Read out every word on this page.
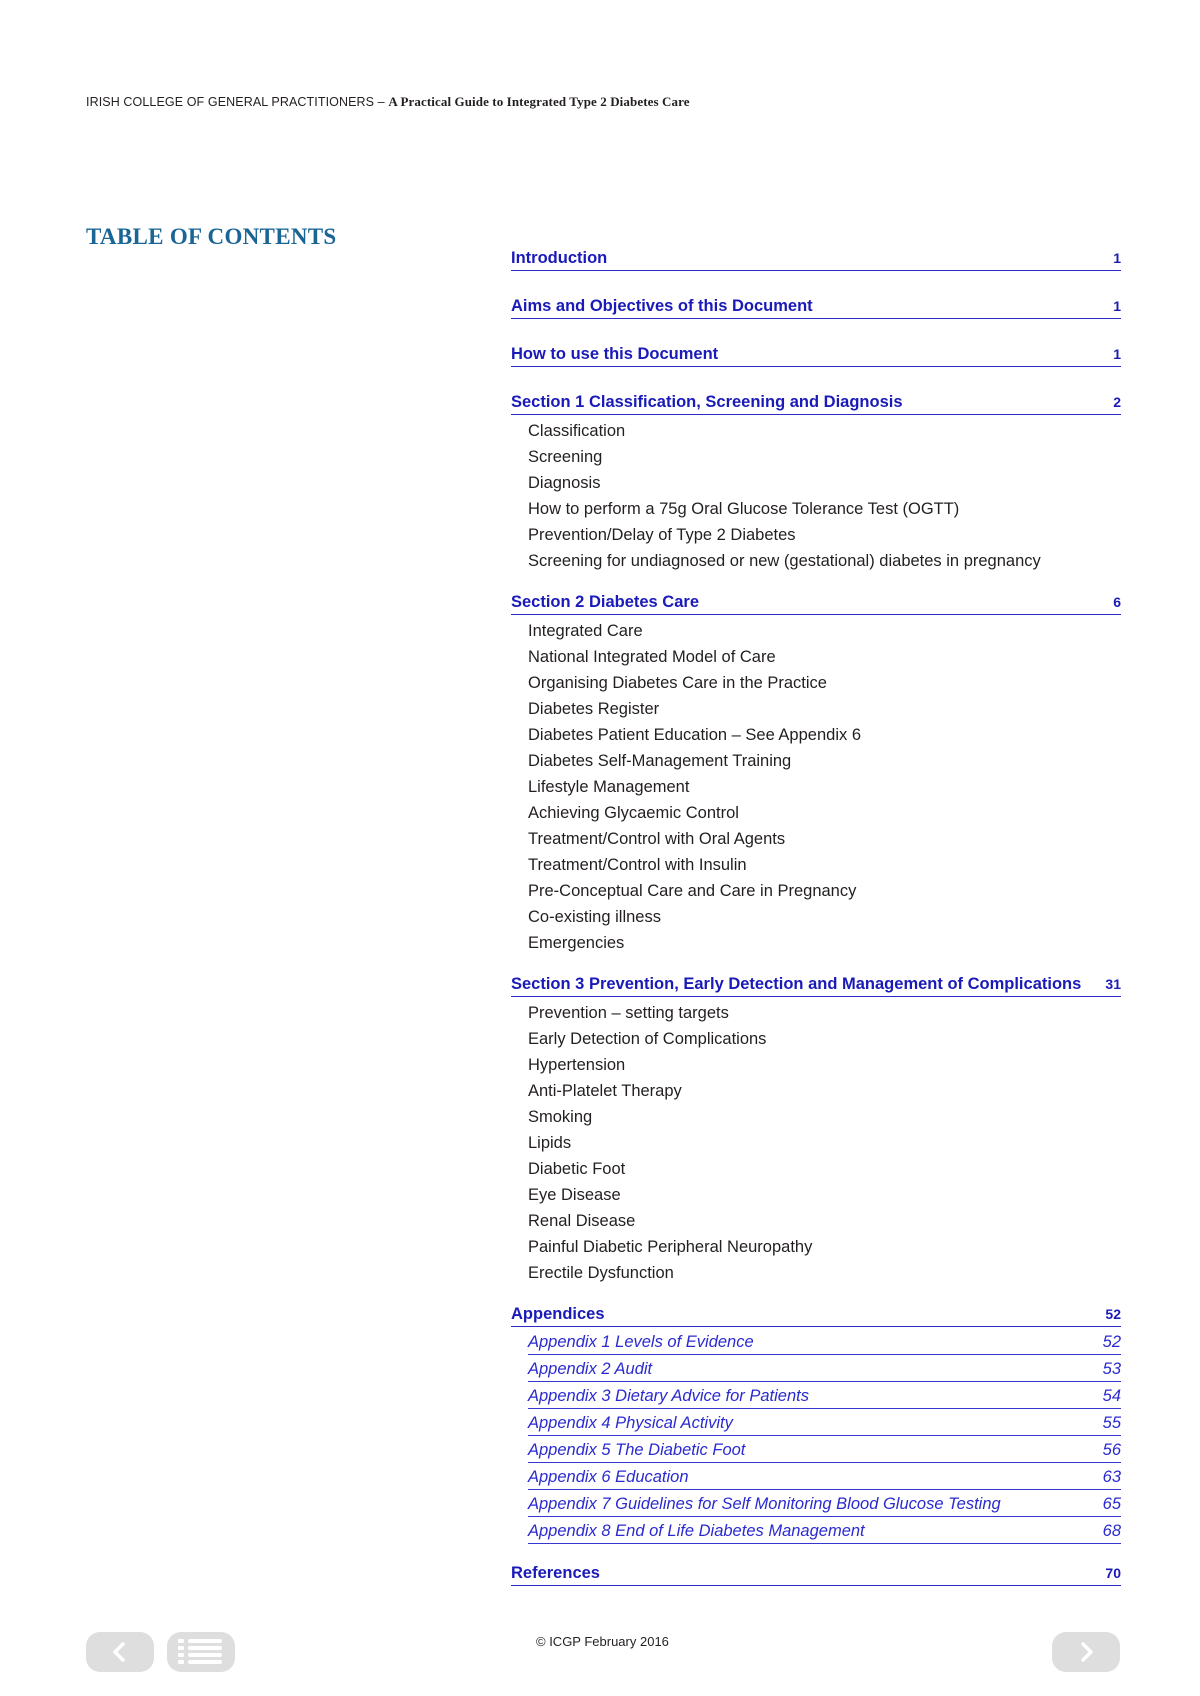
IRISH COLLEGE OF GENERAL PRACTITIONERS – A Practical Guide to Integrated Type 2 Diabetes Care
TABLE OF CONTENTS
Introduction	1
Aims and Objectives of this Document	1
How to use this Document	1
Section 1 Classification, Screening and Diagnosis	2
Classification
Screening
Diagnosis
How to perform a 75g Oral Glucose Tolerance Test (OGTT)
Prevention/Delay of Type 2 Diabetes
Screening for undiagnosed or new (gestational) diabetes in pregnancy
Section 2 Diabetes Care	6
Integrated Care
National Integrated Model of Care
Organising Diabetes Care in the Practice
Diabetes Register
Diabetes Patient Education – See Appendix 6
Diabetes Self-Management Training
Lifestyle Management
Achieving Glycaemic Control
Treatment/Control with Oral Agents
Treatment/Control with Insulin
Pre-Conceptual Care and Care in Pregnancy
Co-existing illness
Emergencies
Section 3 Prevention, Early Detection and Management of Complications 31
Prevention – setting targets
Early Detection of Complications
Hypertension
Anti-Platelet Therapy
Smoking
Lipids
Diabetic Foot
Eye Disease
Renal Disease
Painful Diabetic Peripheral Neuropathy
Erectile Dysfunction
Appendices	52
Appendix 1 Levels of Evidence	52
Appendix 2 Audit	53
Appendix 3 Dietary Advice for Patients	54
Appendix 4 Physical Activity	55
Appendix 5 The Diabetic Foot	56
Appendix 6 Education	63
Appendix 7 Guidelines for Self Monitoring Blood Glucose Testing	65
Appendix 8 End of Life Diabetes Management	68
References	70
© ICGP February 2016
